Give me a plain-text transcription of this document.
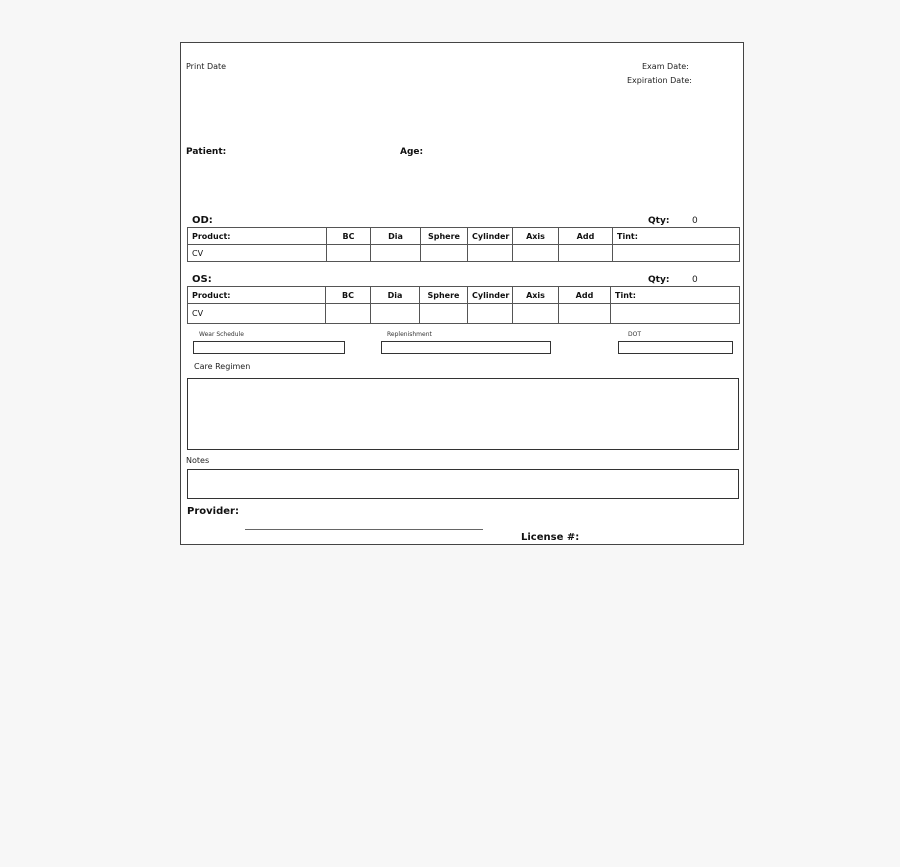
Print Date	Exam Date:
Expiration Date:
Patient:	Age:
OD:	Qty:	0
Product:	BC	Dia	Sphere	Cylinder	Axis	Add	Tint:
CV							
OS:	Qty:	0
Product:	BC	Dia	Sphere	Cylinder	Axis	Add	Tint:
CV							
Wear Schedule	Replenishment	DOT
Care Regimen
Notes
Provider:
License #:
